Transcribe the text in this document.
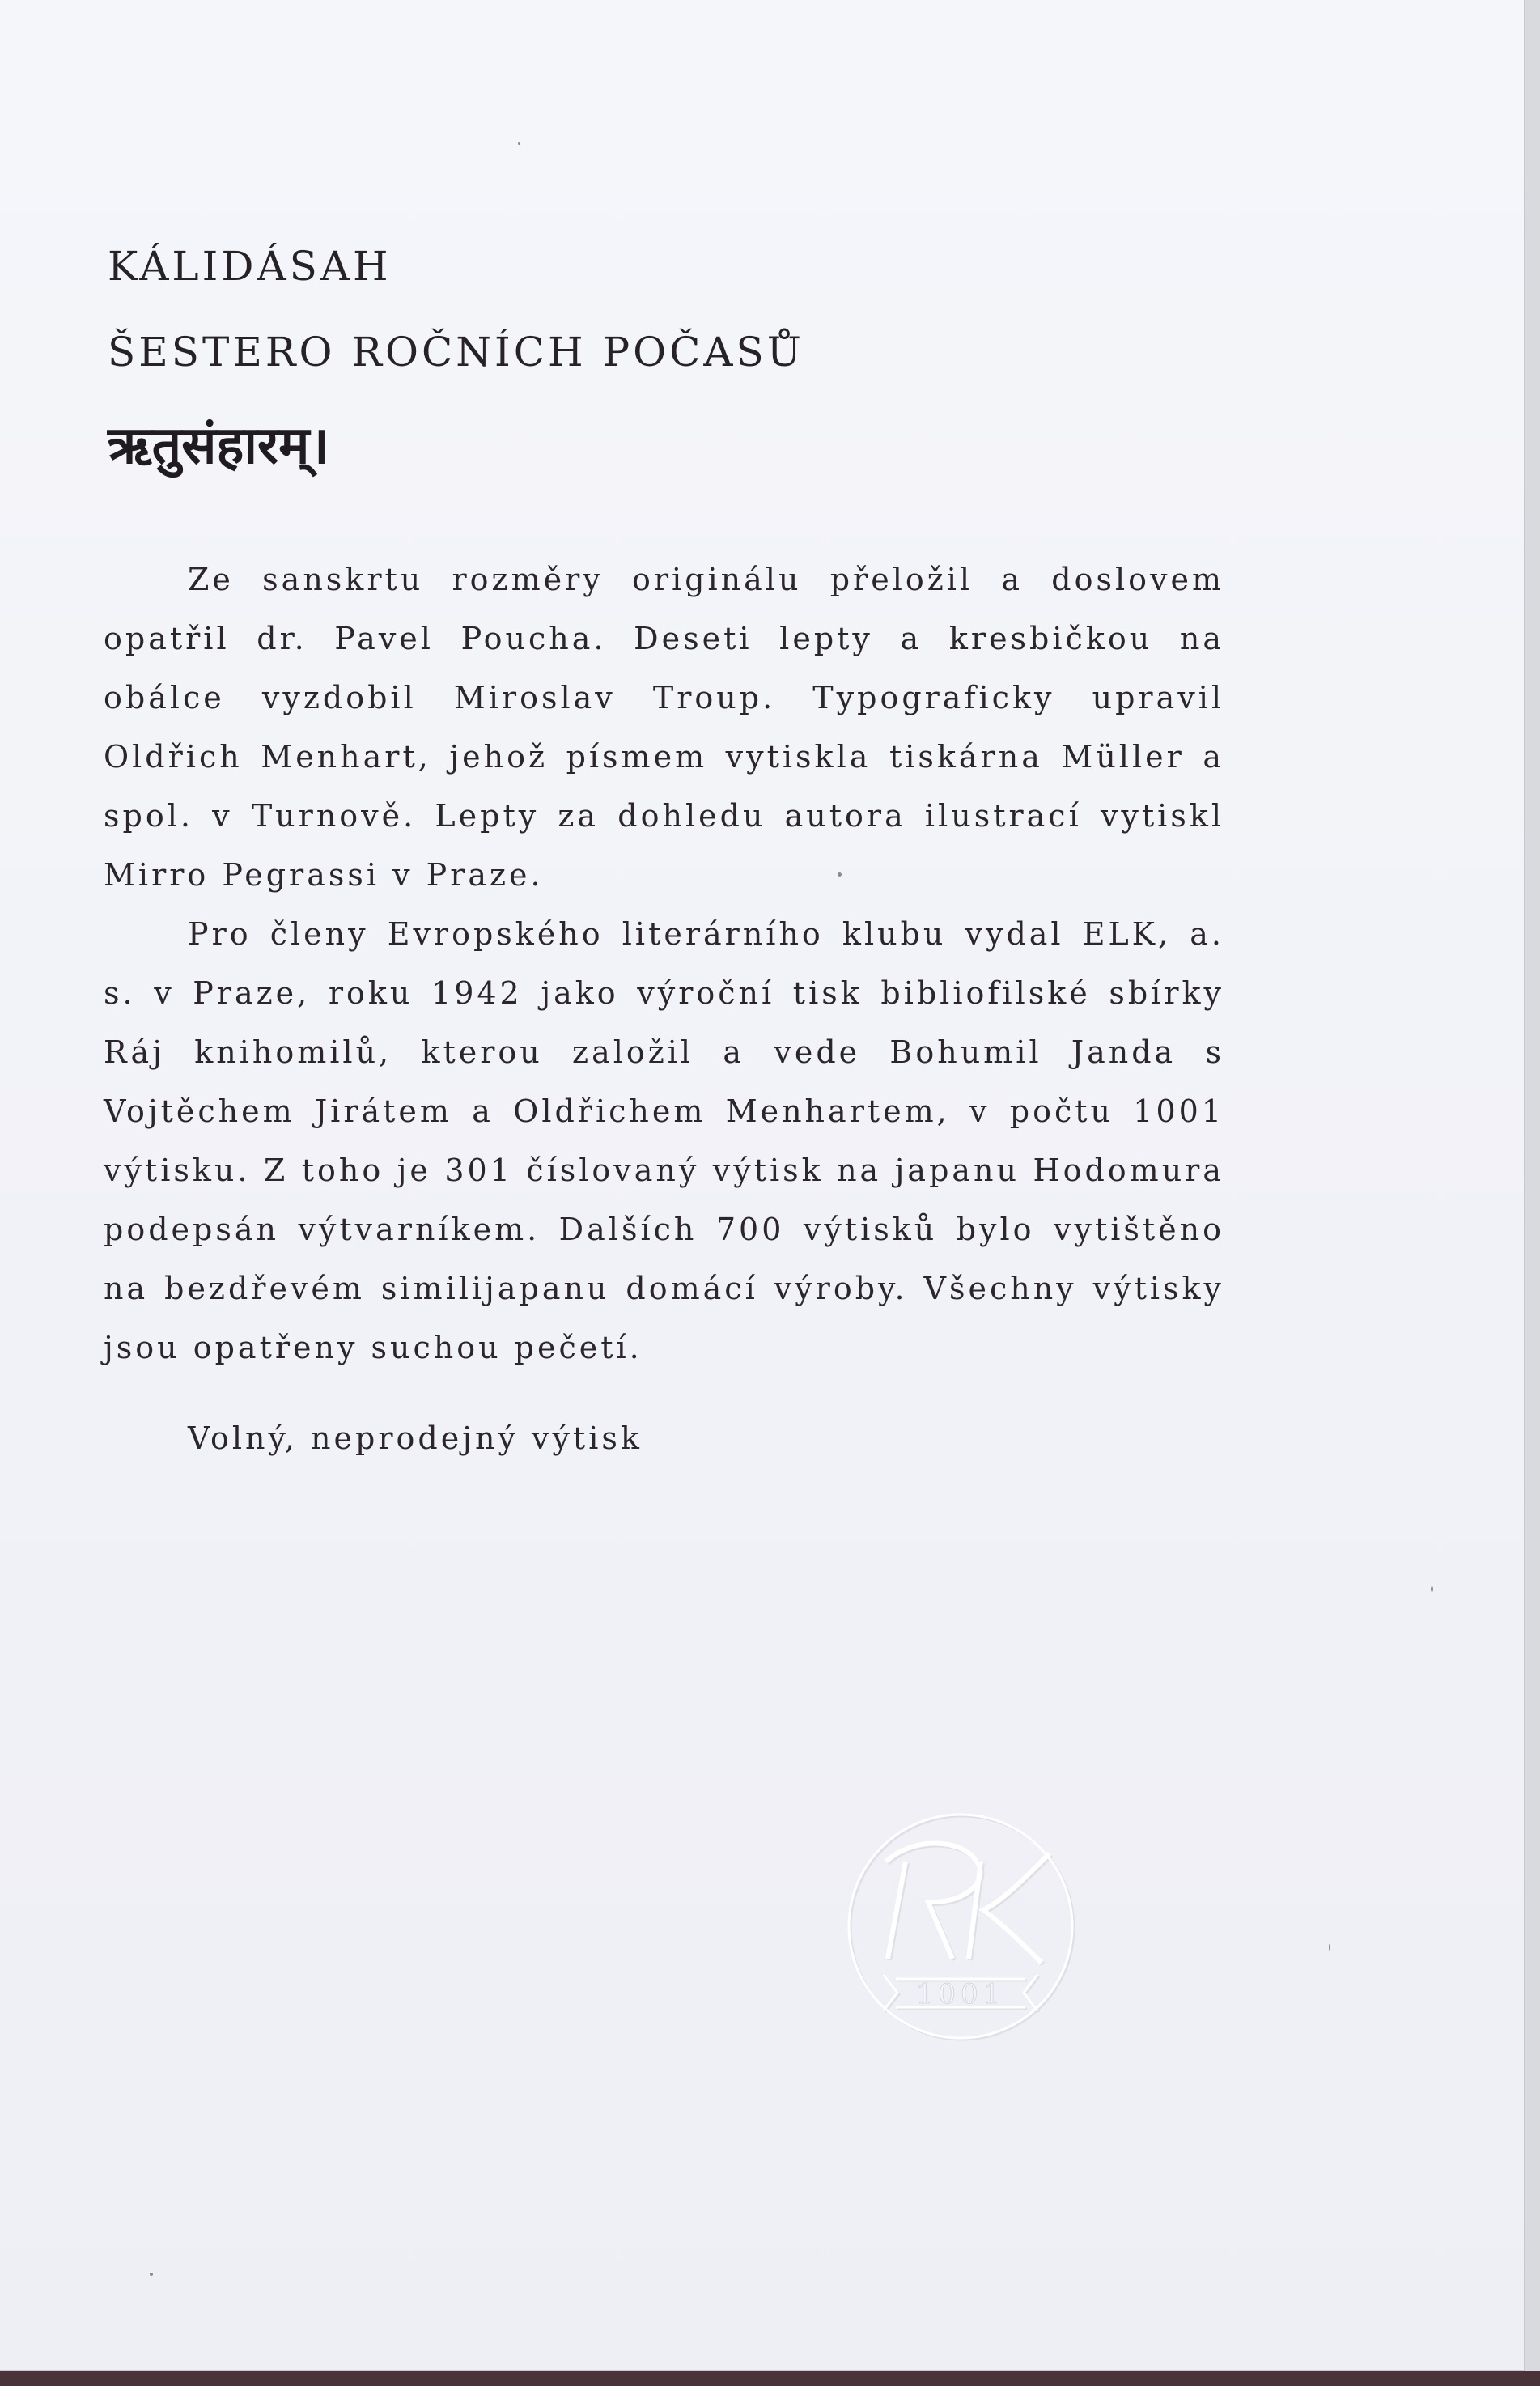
KÁLIDÁSAH
ŠESTERO ROČNÍCH POČASŮ
ऋतुसंहारम्।

Ze sanskrtu rozměry originálu přeložil a doslovem opatřil dr. Pavel Poucha. Deseti lepty a kresbičkou na obálce vyzdobil Miroslav Troup. Typograficky upravil Oldřich Menhart, jehož písmem vytiskla tiskárna Müller a spol. v Turnově. Lepty za dohledu autora ilustrací vytiskl Mirro Pegrassi v Praze.

Pro členy Evropského literárního klubu vydal ELK, a. s. v Praze, roku 1942 jako výroční tisk bibliofilské sbírky Ráj knihomilů, kterou založil a vede Bohumil Janda s Vojtěchem Jirátem a Oldřichem Menhartem, v počtu 1001 výtisku. Z toho je 301 číslovaný výtisk na japanu Hodomura podepsán výtvarníkem. Dalších 700 výtisků bylo vytištěno na bezdřevém similijapanu domácí výroby. Všechny výtisky jsou opatřeny suchou pečetí.

Volný, neprodejný výtisk
1001
RK
